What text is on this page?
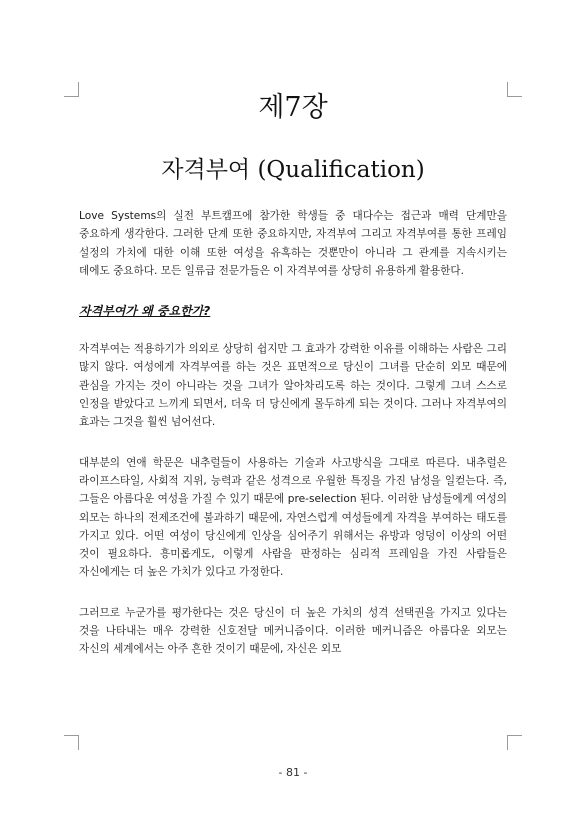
제7장
자격부여 (Qualification)

Love Systems의 실전 부트캠프에 참가한 학생들 중 대다수는 접근과 매력 단계만을 중요하게 생각한다. 그러한 단계 또한 중요하지만, 자격부여 그리고 자격부여를 통한 프레임 설정의 가치에 대한 이해 또한 여성을 유혹하는 것뿐만이 아니라 그 관계를 지속시키는 데에도 중요하다. 모든 일류급 전문가들은 이 자격부여를 상당히 유용하게 활용한다.

자격부여가 왜 중요한가?

자격부여는 적용하기가 의외로 상당히 쉽지만 그 효과가 강력한 이유를 이해하는 사람은 그리 많지 않다. 여성에게 자격부여를 하는 것은 표면적으로 당신이 그녀를 단순히 외모 때문에 관심을 가지는 것이 아니라는 것을 그녀가 알아차리도록 하는 것이다. 그렇게 그녀 스스로 인정을 받았다고 느끼게 되면서, 더욱 더 당신에게 몰두하게 되는 것이다. 그러나 자격부여의 효과는 그것을 훨씬 넘어선다.

대부분의 연애 학문은 내추럴들이 사용하는 기술과 사고방식을 그대로 따른다. 내추럴은 라이프스타일, 사회적 지위, 능력과 같은 성격으로 우월한 특징을 가진 남성을 일컫는다. 즉, 그들은 아름다운 여성을 가질 수 있기 때문에 pre-selection 된다. 이러한 남성들에게 여성의 외모는 하나의 전제조건에 불과하기 때문에, 자연스럽게 여성들에게 자격을 부여하는 태도를 가지고 있다. 어떤 여성이 당신에게 인상을 심어주기 위해서는 유방과 엉덩이 이상의 어떤 것이 필요하다. 흥미롭게도, 이렇게 사람을 판정하는 심리적 프레임을 가진 사람들은 자신에게는 더 높은 가치가 있다고 가정한다.

그러므로 누군가를 평가한다는 것은 당신이 더 높은 가치의 성격 선택권을 가지고 있다는 것을 나타내는 매우 강력한 신호전달 메커니즘이다. 이러한 메커니즘은 아름다운 외모는 자신의 세계에서는 아주 흔한 것이기 때문에, 자신은 외모

- 81 -
